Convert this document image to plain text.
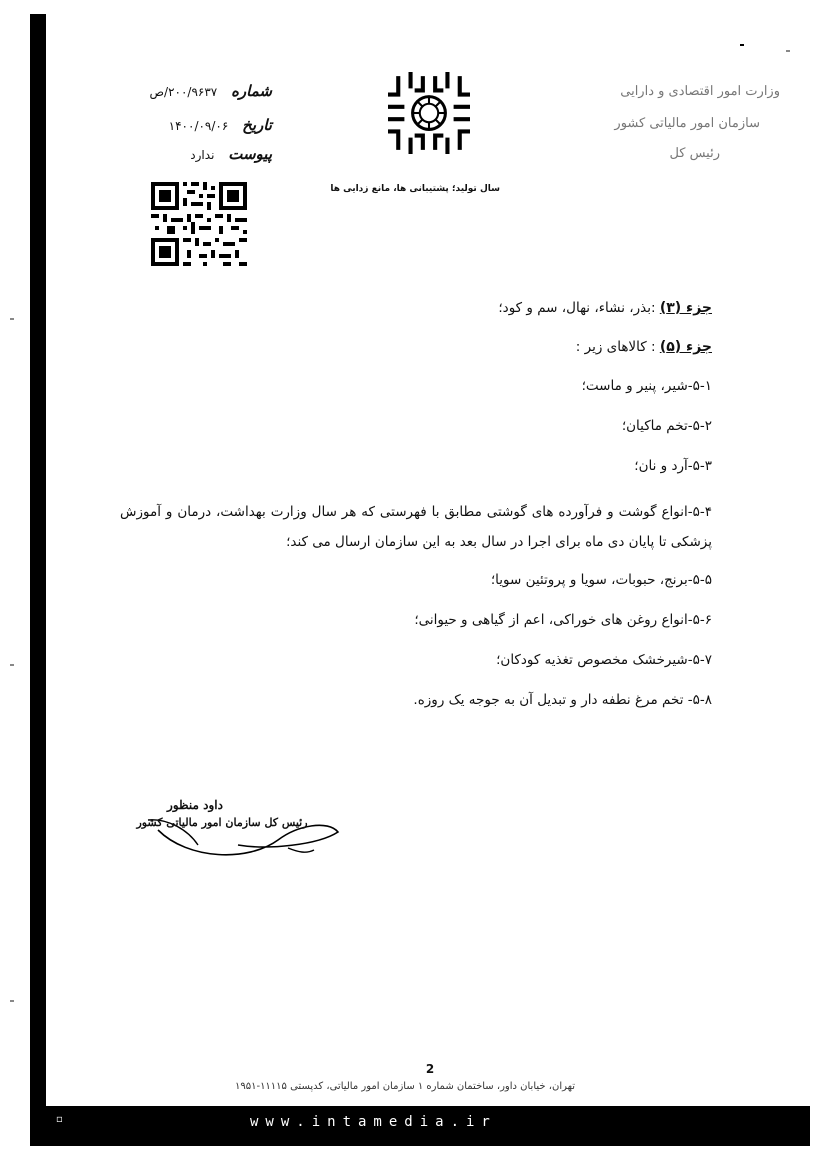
شماره ۲۰۰/۹۶۳۷/ص
تاریخ ۱۴۰۰/۰۹/۰۶
پیوست ندارد
سال تولید؛ پشتیبانی ها، مانع زدایی ها
وزارت امور اقتصادی و دارایی
سازمان امور مالیاتی کشور
رئیس کل
جزء (۳) :بذر، نشاء، نهال، سم و کود؛
جزء (۵) : کالاهای زیر :
۵-۱-شیر، پنیر و ماست؛
۵-۲-تخم ماکیان؛
۵-۳-آرد و نان؛
۵-۴-انواع گوشت و فرآورده های گوشتی مطابق با فهرستی که هر سال وزارت بهداشت، درمان و آموزش پزشکی تا پایان دی ماه برای اجرا در سال بعد به این سازمان ارسال می کند؛
۵-۵-برنج، حبوبات، سویا و پروتئین سویا؛
۵-۶-انواع روغن های خوراکی، اعم از گیاهی و حیوانی؛
۵-۷-شیرخشک مخصوص تغذیه کودکان؛
۵-۸- تخم مرغ نطفه دار و تبدیل آن به جوجه یک روزه.
داود منظور
رئیس کل سازمان امور مالیاتی کشور
2
تهران، خیابان داور، ساختمان شماره ۱ سازمان امور مالیاتی، کدپستی ۱۱۱۱۵-۱۹۵۱
▫	www.intamedia.ir
